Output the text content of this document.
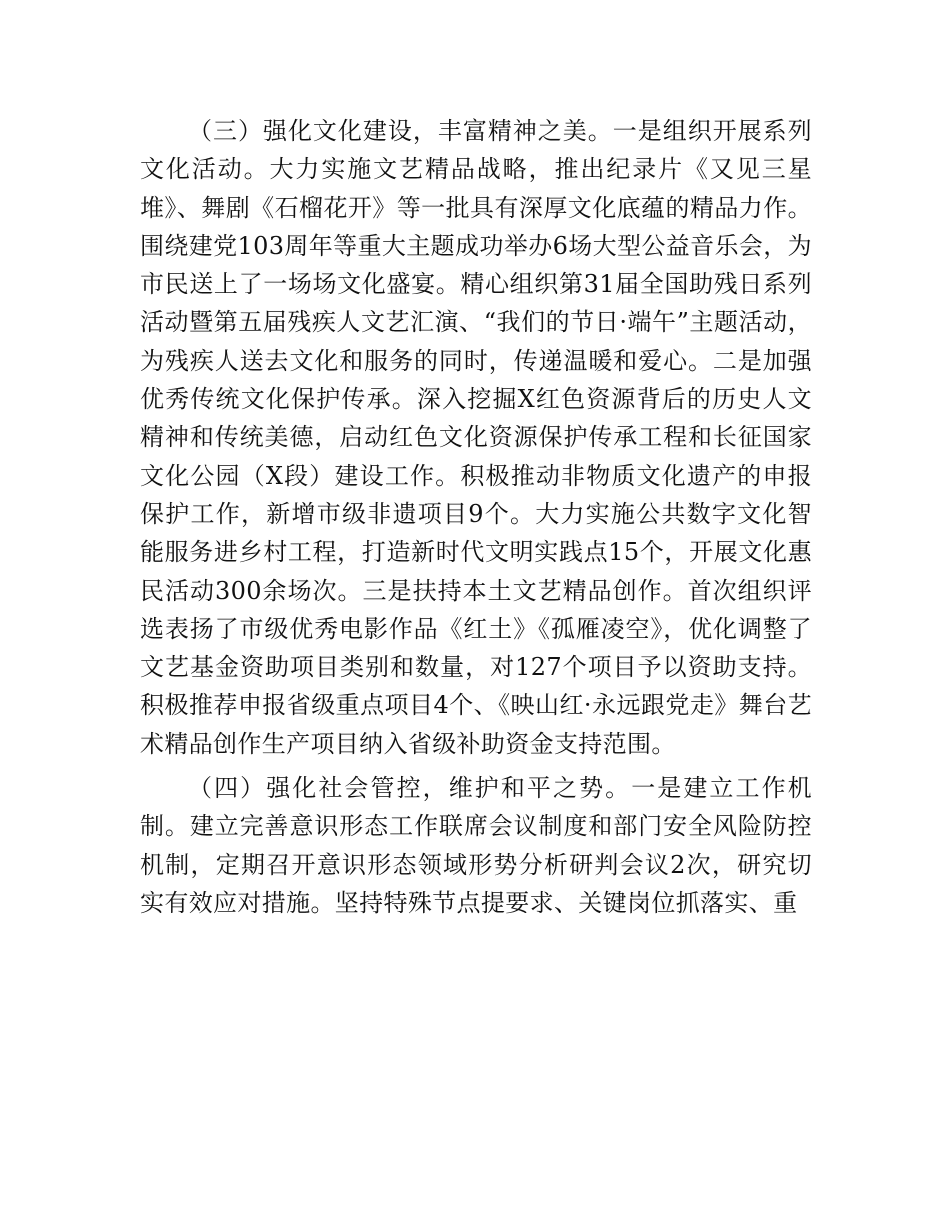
（三）强化文化建设，丰富精神之美。一是组织开展系列文化活动。大力实施文艺精品战略，推出纪录片《又见三星堆》、舞剧《石榴花开》等一批具有深厚文化底蕴的精品力作。围绕建党103周年等重大主题成功举办6场大型公益音乐会，为市民送上了一场场文化盛宴。精心组织第31届全国助残日系列活动暨第五届残疾人文艺汇演、“我们的节日·端午”主题活动，为残疾人送去文化和服务的同时，传递温暖和爱心。二是加强优秀传统文化保护传承。深入挖掘X红色资源背后的历史人文精神和传统美德，启动红色文化资源保护传承工程和长征国家文化公园（X段）建设工作。积极推动非物质文化遗产的申报保护工作，新增市级非遗项目9个。大力实施公共数字文化智能服务进乡村工程，打造新时代文明实践点15个，开展文化惠民活动300余场次。三是扶持本土文艺精品创作。首次组织评选表扬了市级优秀电影作品《红土》《孤雁凌空》，优化调整了文艺基金资助项目类别和数量，对127个项目予以资助支持。积极推荐申报省级重点项目4个、《映山红·永远跟党走》舞台艺术精品创作生产项目纳入省级补助资金支持范围。

（四）强化社会管控，维护和平之势。一是建立工作机制。建立完善意识形态工作联席会议制度和部门安全风险防控机制，定期召开意识形态领域形势分析研判会议2次，研究切实有效应对措施。坚持特殊节点提要求、关键岗位抓落实、重
